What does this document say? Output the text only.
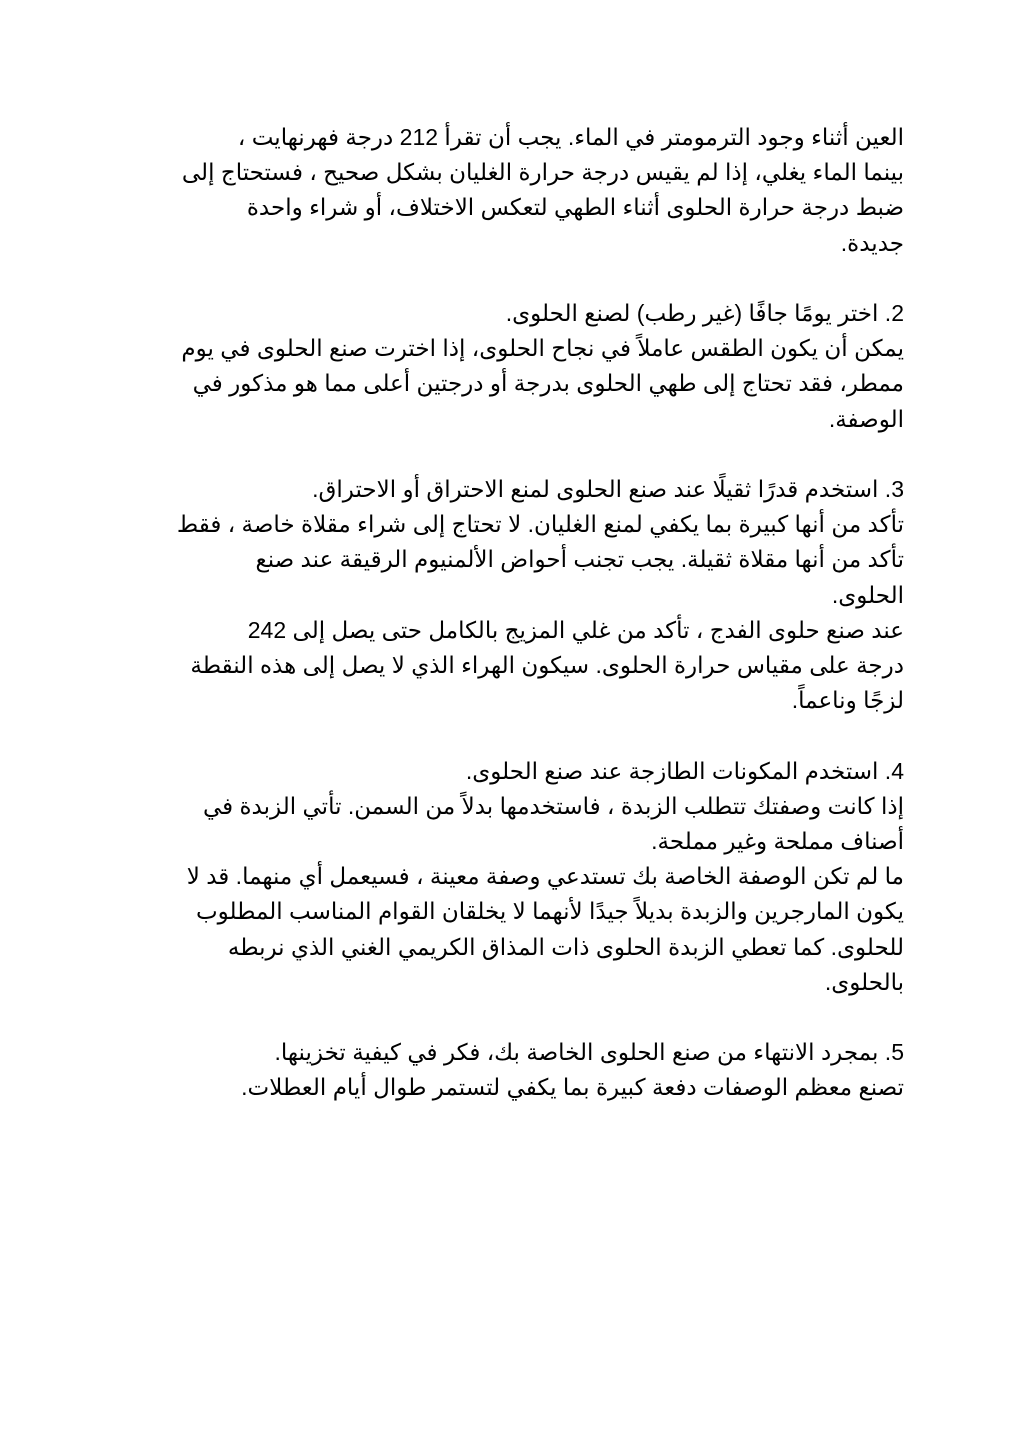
العين أثناء وجود الترمومتر في الماء. يجب أن تقرأ 212 درجة فهرنهايت ،
بينما الماء يغلي، إذا لم يقيس درجة حرارة الغليان بشكل صحيح ، فستحتاج إلى
ضبط درجة حرارة الحلوى أثناء الطهي لتعكس الاختلاف، أو شراء واحدة
جديدة.

2. اختر يومًا جافًا (غير رطب) لصنع الحلوى.
يمكن أن يكون الطقس عاملاً في نجاح الحلوى، إذا اخترت صنع الحلوى في يوم
ممطر، فقد تحتاج إلى طهي الحلوى بدرجة أو درجتين أعلى مما هو مذكور في
الوصفة.

3. استخدم قدرًا ثقيلًا عند صنع الحلوى لمنع الاحتراق أو الاحتراق.
تأكد من أنها كبيرة بما يكفي لمنع الغليان. لا تحتاج إلى شراء مقلاة خاصة ، فقط
تأكد من أنها مقلاة ثقيلة. يجب تجنب أحواض الألمنيوم الرقيقة عند صنع
الحلوى.
عند صنع حلوى الفدج ، تأكد من غلي المزيج بالكامل حتى يصل إلى 242
درجة على مقياس حرارة الحلوى. سيكون الهراء الذي لا يصل إلى هذه النقطة
لزجًا وناعماً.

4. استخدم المكونات الطازجة عند صنع الحلوى.
إذا كانت وصفتك تتطلب الزبدة ، فاستخدمها بدلاً من السمن. تأتي الزبدة في
أصناف مملحة وغير مملحة.
ما لم تكن الوصفة الخاصة بك تستدعي وصفة معينة ، فسيعمل أي منهما. قد لا
يكون المارجرين والزبدة بديلاً جيدًا لأنهما لا يخلقان القوام المناسب المطلوب
للحلوى. كما تعطي الزبدة الحلوى ذات المذاق الكريمي الغني الذي نربطه
بالحلوى.

5. بمجرد الانتهاء من صنع الحلوى الخاصة بك، فكر في كيفية تخزينها.
تصنع معظم الوصفات دفعة كبيرة بما يكفي لتستمر طوال أيام العطلات.
